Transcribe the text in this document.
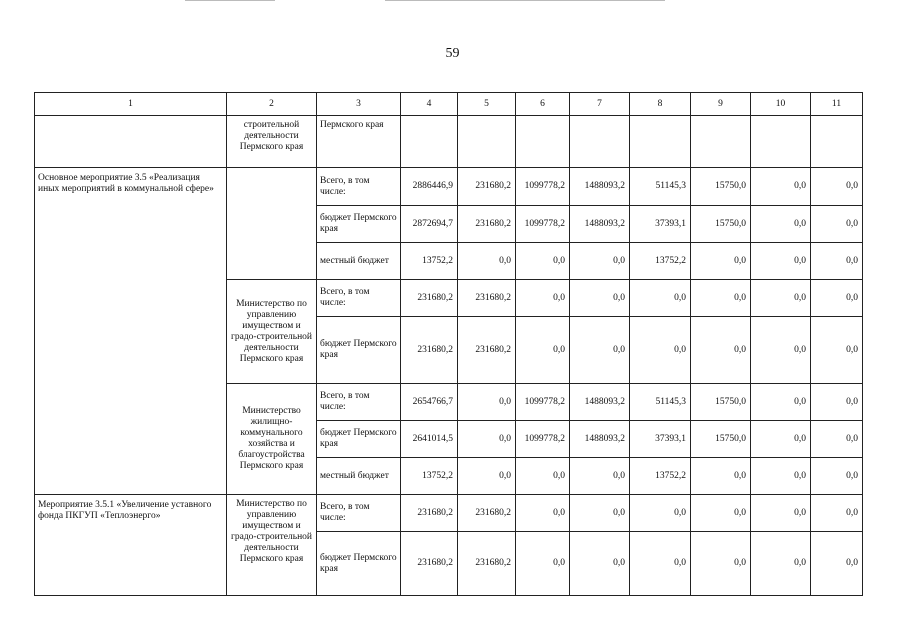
59
1	2	3	4	5	6	7	8	9	10	11
	строительной деятельности Пермского края	Пермского края								
Основное мероприятие 3.5 «Реализация иных мероприятий в коммунальной сфере»		Всего, в том числе:	2886446,9	231680,2	1099778,2	1488093,2	51145,3	15750,0	0,0	0,0
		бюджет Пермского края	2872694,7	231680,2	1099778,2	1488093,2	37393,1	15750,0	0,0	0,0
		местный бюджет	13752,2	0,0	0,0	0,0	13752,2	0,0	0,0	0,0
	Министерство по управлению имуществом и градо-строительной деятельности Пермского края	Всего, в том числе:	231680,2	231680,2	0,0	0,0	0,0	0,0	0,0	0,0
		бюджет Пермского края	231680,2	231680,2	0,0	0,0	0,0	0,0	0,0	0,0
	Министерство жилищно-коммунального хозяйства и благоустройства Пермского края	Всего, в том числе:	2654766,7	0,0	1099778,2	1488093,2	51145,3	15750,0	0,0	0,0
		бюджет Пермского края	2641014,5	0,0	1099778,2	1488093,2	37393,1	15750,0	0,0	0,0
		местный бюджет	13752,2	0,0	0,0	0,0	13752,2	0,0	0,0	0,0
Мероприятие 3.5.1 «Увеличение уставного фонда ПКГУП «Теплоэнерго»	Министерство по управлению имуществом и градо-строительной деятельности Пермского края	Всего, в том числе:	231680,2	231680,2	0,0	0,0	0,0	0,0	0,0	0,0
		бюджет Пермского края	231680,2	231680,2	0,0	0,0	0,0	0,0	0,0	0,0
